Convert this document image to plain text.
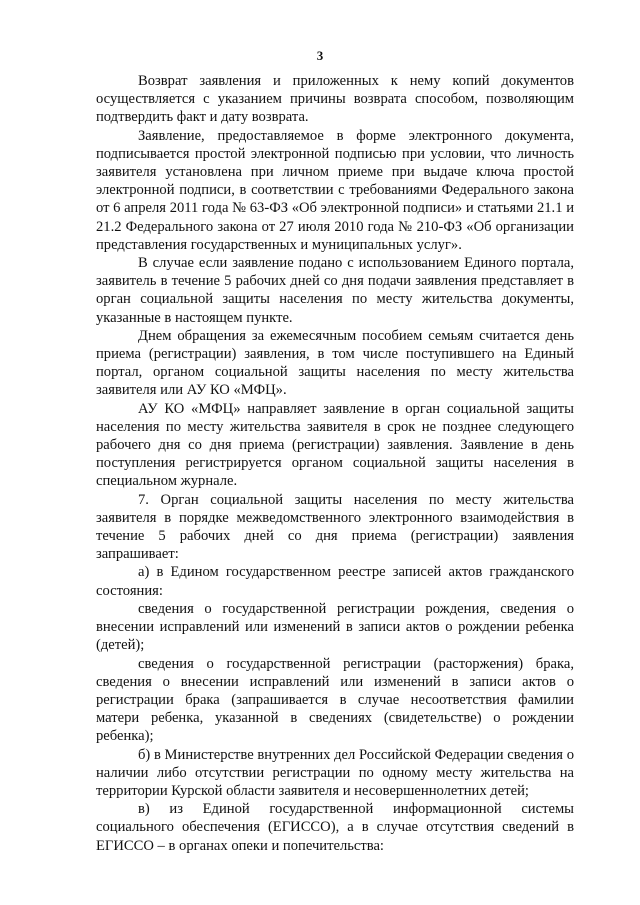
3

Возврат заявления и приложенных к нему копий документов осуществляется с указанием причины возврата способом, позволяющим подтвердить факт и дату возврата.

Заявление, предоставляемое в форме электронного документа, подписывается простой электронной подписью при условии, что личность заявителя установлена при личном приеме при выдаче ключа простой электронной подписи, в соответствии с требованиями Федерального закона от 6 апреля 2011 года № 63-ФЗ «Об электронной подписи» и статьями 21.1 и 21.2 Федерального закона от 27 июля 2010 года № 210-ФЗ «Об организации представления государственных и муниципальных услуг».

В случае если заявление подано с использованием Единого портала, заявитель в течение 5 рабочих дней со дня подачи заявления представляет в орган социальной защиты населения по месту жительства документы, указанные в настоящем пункте.

Днем обращения за ежемесячным пособием семьям считается день приема (регистрации) заявления, в том числе поступившего на Единый портал, органом социальной защиты населения по месту жительства заявителя или АУ КО «МФЦ».

АУ КО «МФЦ» направляет заявление в орган социальной защиты населения по месту жительства заявителя в срок не позднее следующего рабочего дня со дня приема (регистрации) заявления. Заявление в день поступления регистрируется органом социальной защиты населения в специальном журнале.

7. Орган социальной защиты населения по месту жительства заявителя в порядке межведомственного электронного взаимодействия в течение 5 рабочих дней со дня приема (регистрации) заявления запрашивает:

а) в Едином государственном реестре записей актов гражданского состояния:

сведения о государственной регистрации рождения, сведения о внесении исправлений или изменений в записи актов о рождении ребенка (детей);

сведения о государственной регистрации (расторжения) брака, сведения о внесении исправлений или изменений в записи актов о регистрации брака (запрашивается в случае несоответствия фамилии матери ребенка, указанной в сведениях (свидетельстве) о рождении ребенка);

б) в Министерстве внутренних дел Российской Федерации сведения о наличии либо отсутствии регистрации по одному месту жительства на территории Курской области заявителя и несовершеннолетних детей;

в) из Единой государственной информационной системы социального обеспечения (ЕГИССО), а в случае отсутствия сведений в ЕГИССО – в органах опеки и попечительства:
